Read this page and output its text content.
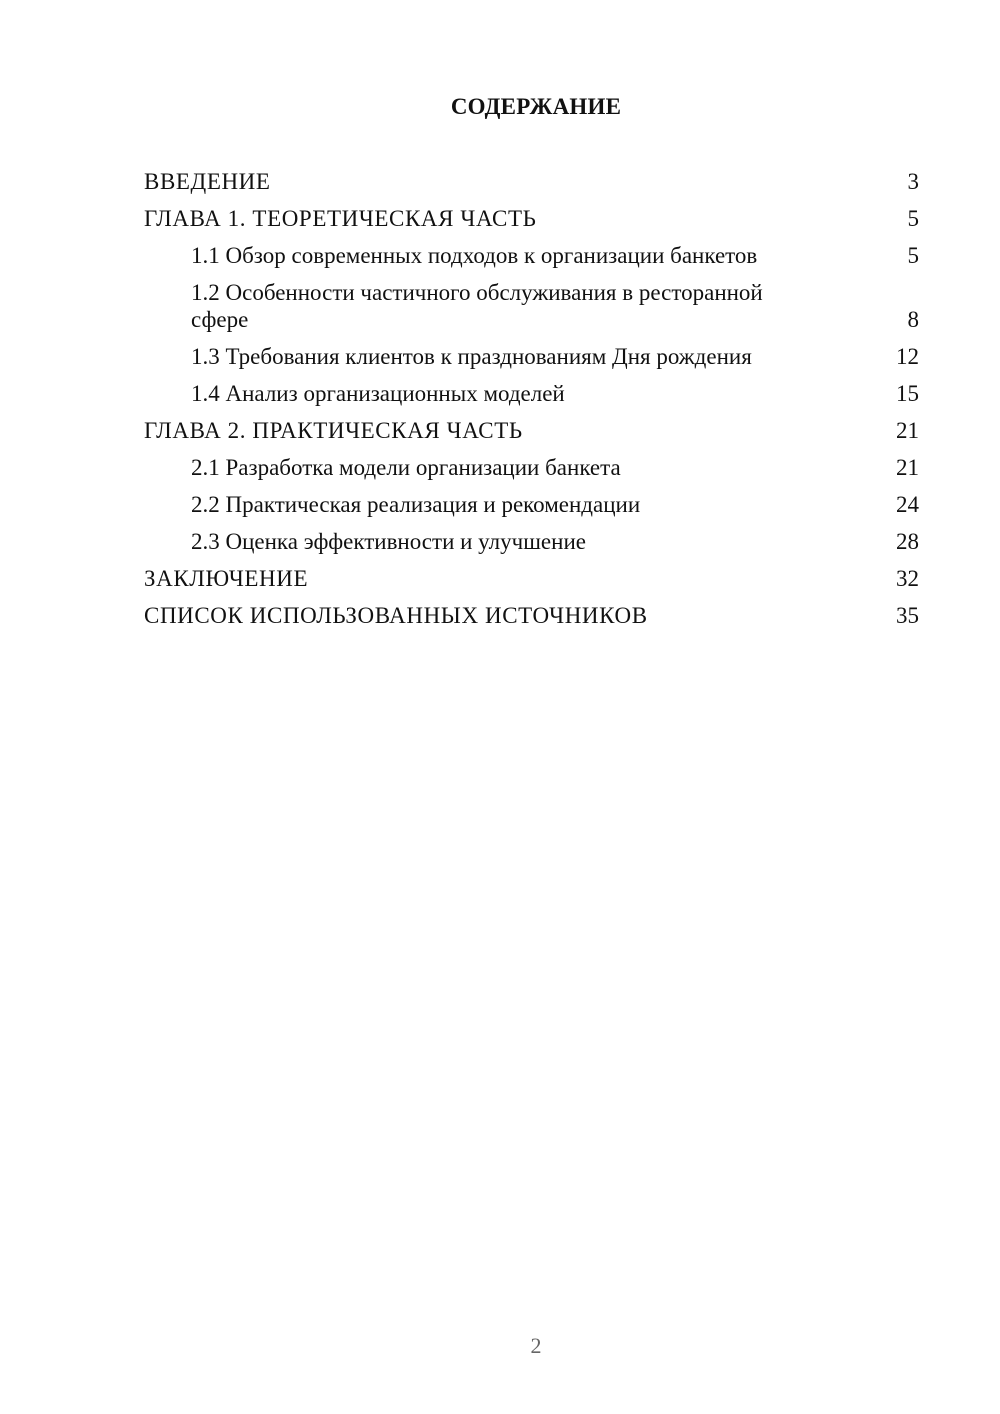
СОДЕРЖАНИЕ
ВВЕДЕНИЕ	3
ГЛАВА 1. ТЕОРЕТИЧЕСКАЯ ЧАСТЬ	5
1.1 Обзор современных подходов к организации банкетов	5
1.2 Особенности частичного обслуживания в ресторанной сфере	8
1.3 Требования клиентов к празднованиям Дня рождения	12
1.4 Анализ организационных моделей	15
ГЛАВА 2. ПРАКТИЧЕСКАЯ ЧАСТЬ	21
2.1 Разработка модели организации банкета	21
2.2 Практическая реализация и рекомендации	24
2.3 Оценка эффективности и улучшение	28
ЗАКЛЮЧЕНИЕ	32
СПИСОК ИСПОЛЬЗОВАННЫХ ИСТОЧНИКОВ	35
2
